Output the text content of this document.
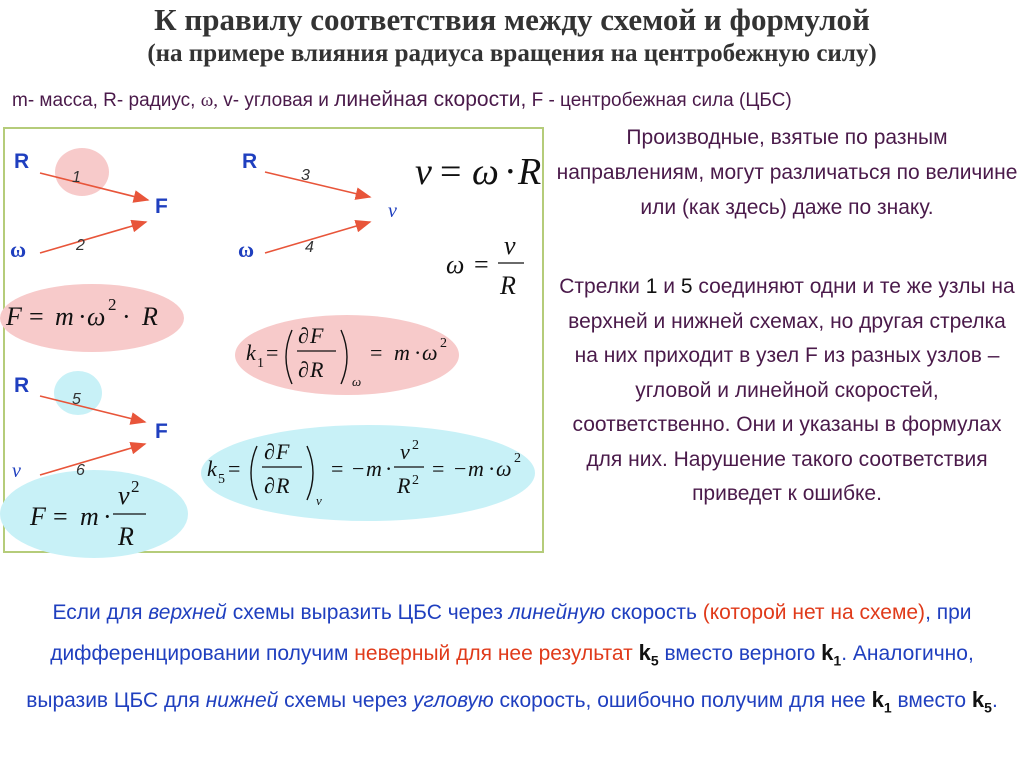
К правилу соответствия между схемой и формулой
(на примере влияния радиуса вращения на центробежную силу)
m- масса, R- радиус, ω, v- угловая и линейная скорости, F - центробежная сила (ЦБС)
v = ω · R
ω =
v
R
F = m · ω 2 · R
k 1 =
∂ F
∂ R ω
= m · ω 2
k 5 =
∂ F
∂ R
v
= − m ·
v 2
R 2 = − m · ω 2
F = m ·
v 2
R
R
1
F
ω	2
R
3
v
ω	4
R
5
F
v	6
Производные, взятые по разным направлениям, могут различаться по величине или (как здесь) даже по знаку.
Стрелки 1 и 5 соединяют одни и те же узлы на верхней и нижней схемах, но другая стрелка на них приходит в узел F из разных узлов – угловой и линейной скоростей, соответственно. Они и указаны в формулах для них. Нарушение такого соответствия приведет к ошибке.
Если для верхней схемы выразить ЦБС через линейную скорость (которой нет на схеме), при дифференцировании получим неверный для нее результат $k_5$ вместо верного $k_1$. Аналогично, выразив ЦБС для нижней схемы через угловую скорость, ошибочно получим для нее $k_1$ вместо $k_5$.
